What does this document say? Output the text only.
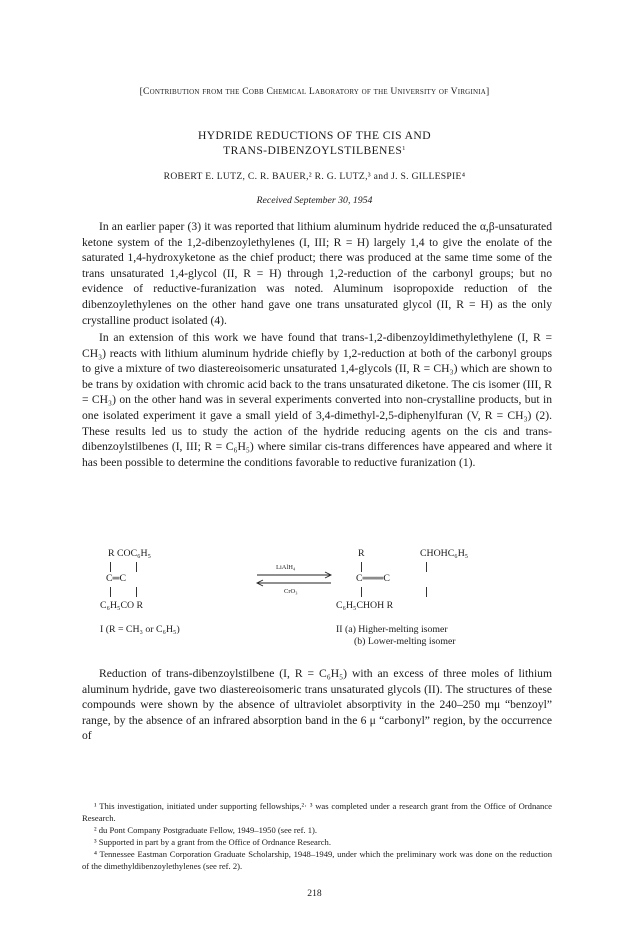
[Contribution from the Cobb Chemical Laboratory of the University of Virginia]
HYDRIDE REDUCTIONS OF THE CIS AND
TRANS-DIBENZOYLSTILBENES$^1$
ROBERT E. LUTZ, C. R. BAUER,² R. G. LUTZ,³ and J. S. GILLESPIE⁴
Received September 30, 1954

In an earlier paper (3) it was reported that lithium aluminum hydride reduced the α,β-unsaturated ketone system of the 1,2-dibenzoylethylenes (I, III; R = H) largely 1,4 to give the enolate of the saturated 1,4-hydroxyketone as the chief product; there was produced at the same time some of the trans unsaturated 1,4-glycol (II, R = H) through 1,2-reduction of the carbonyl groups; but no evidence of reductive-furanization was noted. Aluminum isopropoxide reduction of the dibenzoylethylenes on the other hand gave one trans unsaturated glycol (II, R = H) as the only crystalline product isolated (4).

In an extension of this work we have found that trans-1,2-dibenzoyldimethylethylene (I, R = CH₃) reacts with lithium aluminum hydride chiefly by 1,2-reduction at both of the carbonyl groups to give a mixture of two diastereoisomeric unsaturated 1,4-glycols (II, R = CH₃) which are shown to be trans by oxidation with chromic acid back to the trans unsaturated diketone. The cis isomer (III, R = CH₃) on the other hand was in several experiments converted into non-crystalline products, but in one isolated experiment it gave a small yield of 3,4-dimethyl-2,5-diphenylfuran (V, R = CH₃) (2). These results led us to study the action of the hydride reducing agents on the cis and trans-dibenzoylstilbenes (I, III; R = C₆H₅) where similar cis-trans differences have appeared and where it has been possible to determine the conditions favorable to reductive furanization (1).

R COC₆H₅
C═C
C₆H₅CO R
I (R = CH₃ or C₆H₅)
LiAlH₄
CrO₃
R	CHOHC₆H₅
C═══C
C₆H₅CHOH R
II (a) Higher-melting isomer
(b) Lower-melting isomer

Reduction of trans-dibenzoylstilbene (I, R = C₆H₅) with an excess of three moles of lithium aluminum hydride, gave two diastereoisomeric trans unsaturated glycols (II). The structures of these compounds were shown by the absence of ultraviolet absorptivity in the 240–250 mμ “benzoyl” range, by the absence of an infrared absorption band in the 6 μ “carbonyl” region, by the occurrence of

¹ This investigation, initiated under supporting fellowships,²· ³ was completed under a research grant from the Office of Ordnance Research.

² du Pont Company Postgraduate Fellow, 1949–1950 (see ref. 1).

³ Supported in part by a grant from the Office of Ordnance Research.

⁴ Tennessee Eastman Corporation Graduate Scholarship, 1948–1949, under which the preliminary work was done on the reduction of the dimethyldibenzoylethylenes (see ref. 2).

218
